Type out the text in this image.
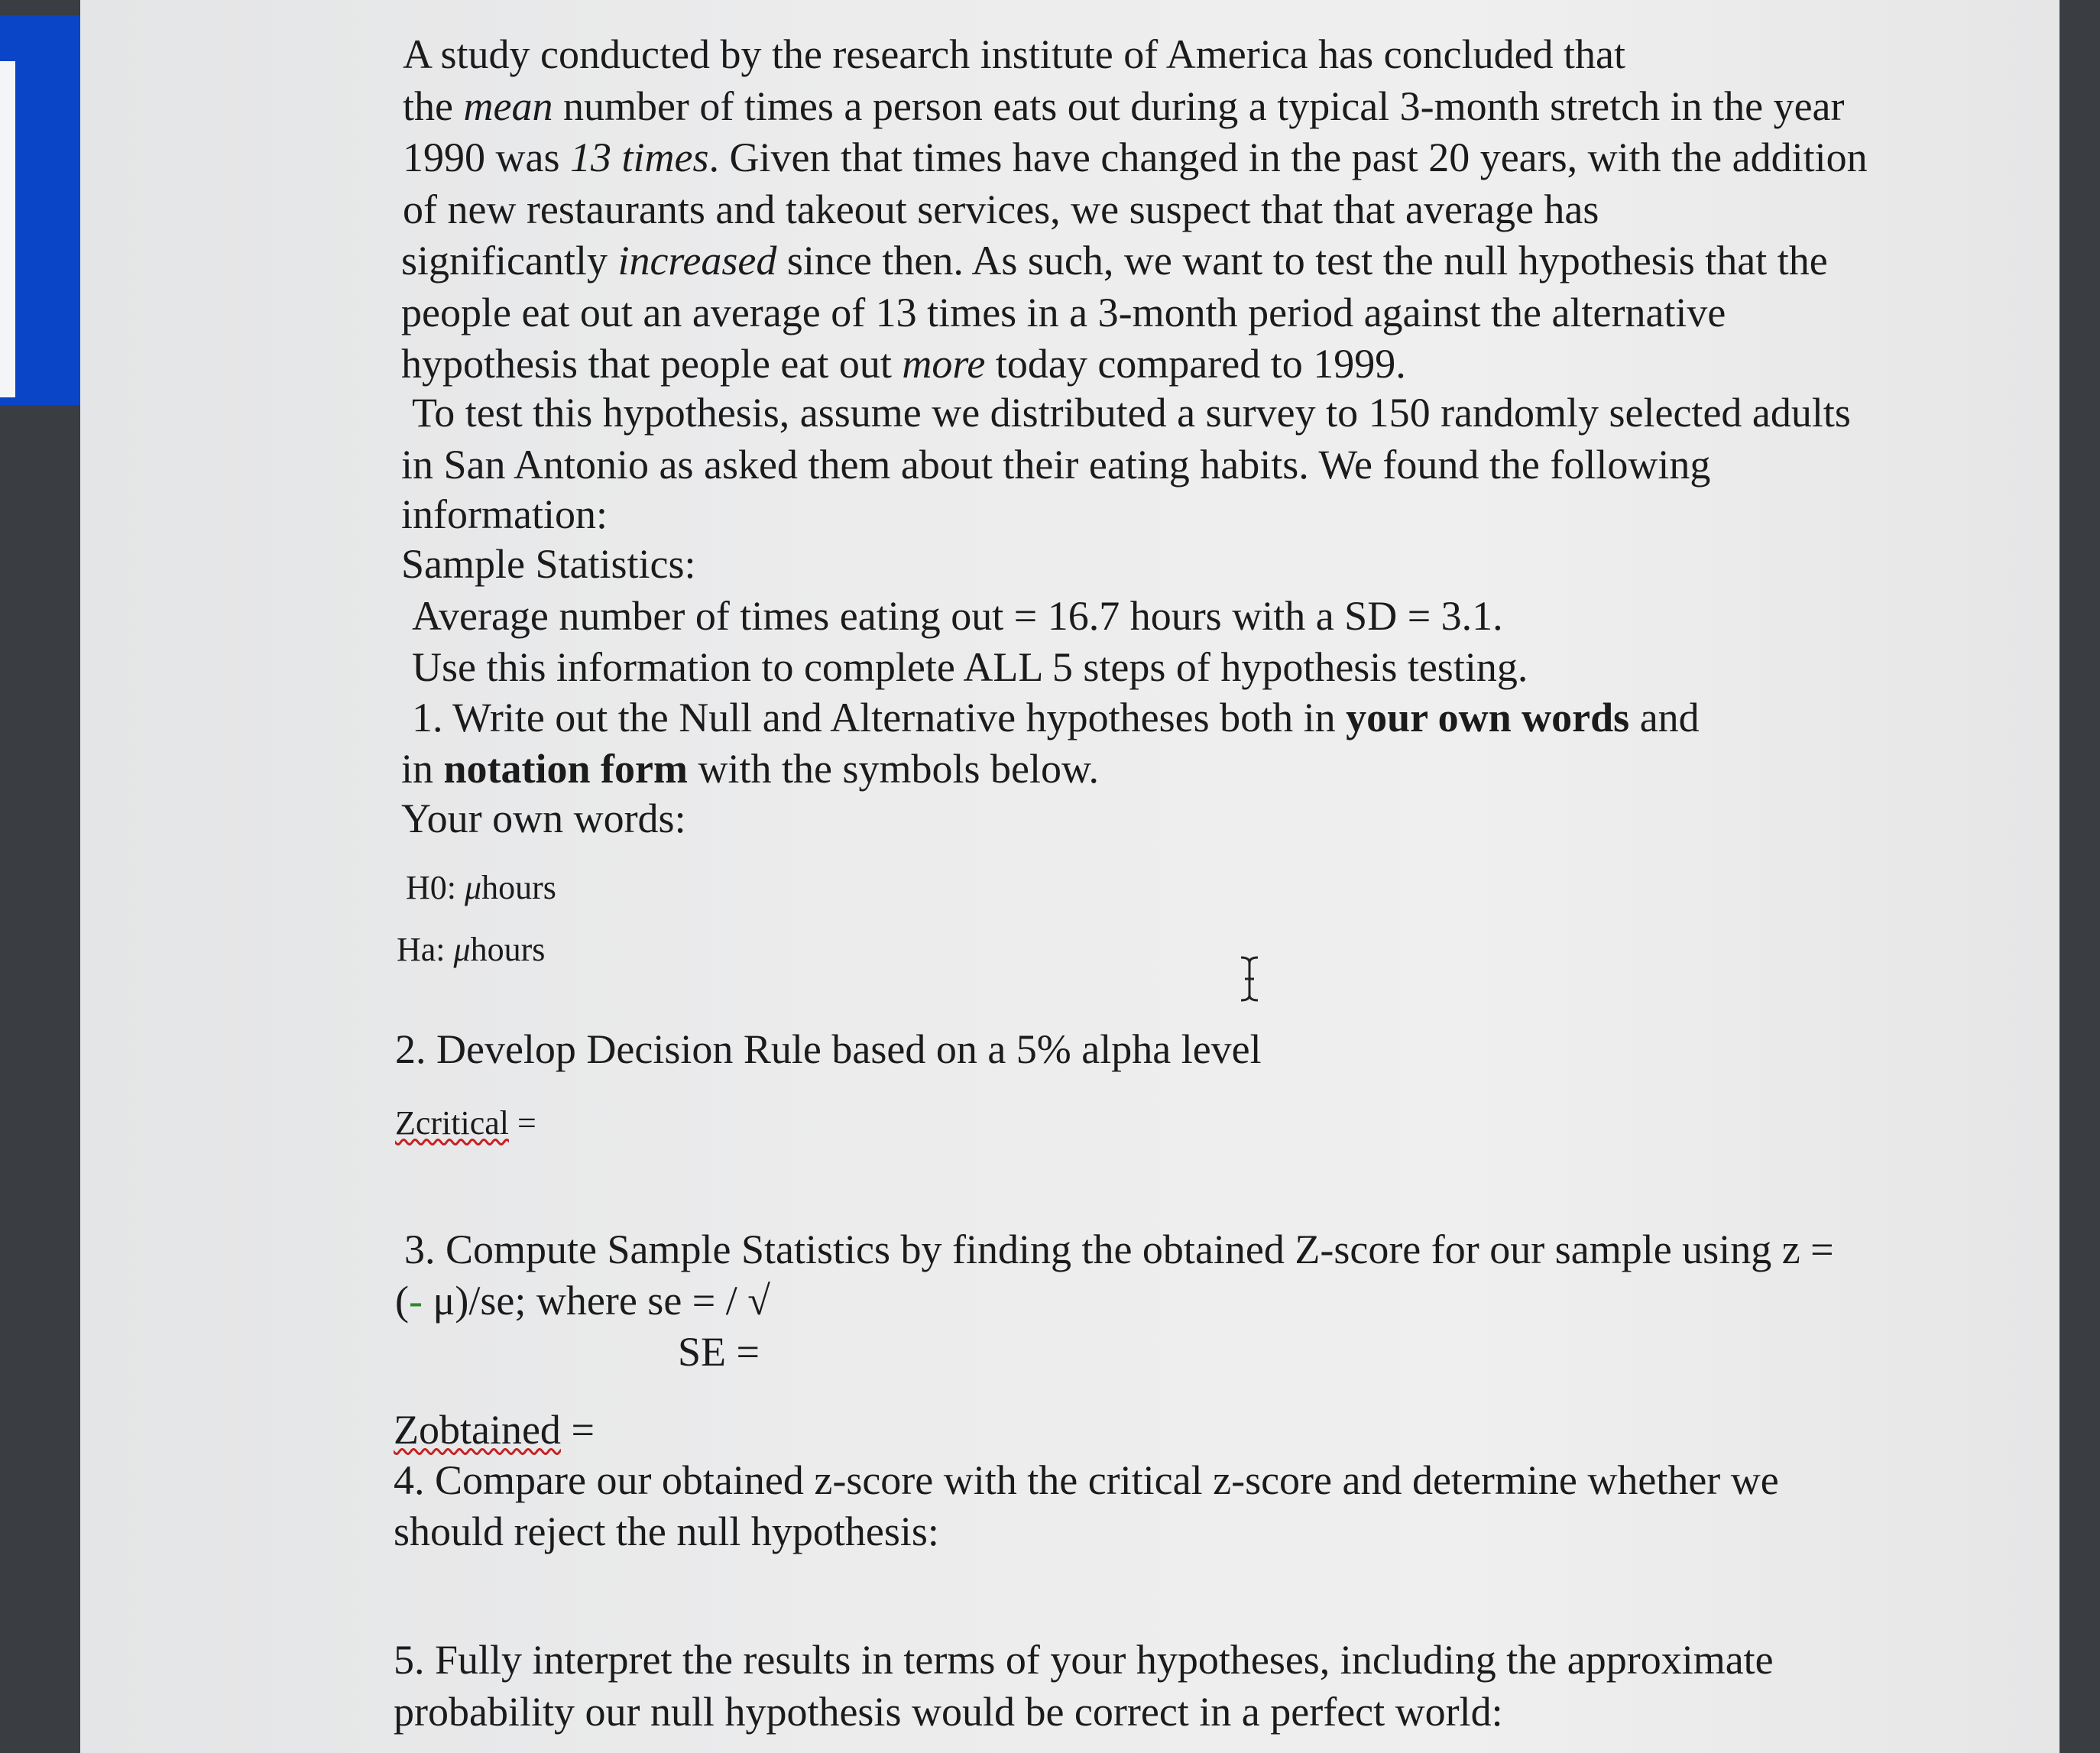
A study conducted by the research institute of America has concluded that
the mean number of times a person eats out during a typical 3-month stretch in the year
1990 was 13 times. Given that times have changed in the past 20 years, with the addition
of new restaurants and takeout services, we suspect that that average has
significantly increased since then. As such, we want to test the null hypothesis that the
people eat out an average of 13 times in a 3-month period against the alternative
hypothesis that people eat out more today compared to 1999.
To test this hypothesis, assume we distributed a survey to 150 randomly selected adults
in San Antonio as asked them about their eating habits. We found the following
information:
Sample Statistics:
Average number of times eating out = 16.7 hours with a SD = 3.1.
Use this information to complete ALL 5 steps of hypothesis testing.
1. Write out the Null and Alternative hypotheses both in your own words and
in notation form with the symbols below.
Your own words:
H0: μhours
Ha: μhours
2. Develop Decision Rule based on a 5% alpha level
Zcritical =
3. Compute Sample Statistics by finding the obtained Z-score for our sample using z =
(- μ)/se; where se = / √
SE =
Zobtained =
4. Compare our obtained z-score with the critical z-score and determine whether we
should reject the null hypothesis:
5. Fully interpret the results in terms of your hypotheses, including the approximate
probability our null hypothesis would be correct in a perfect world:
